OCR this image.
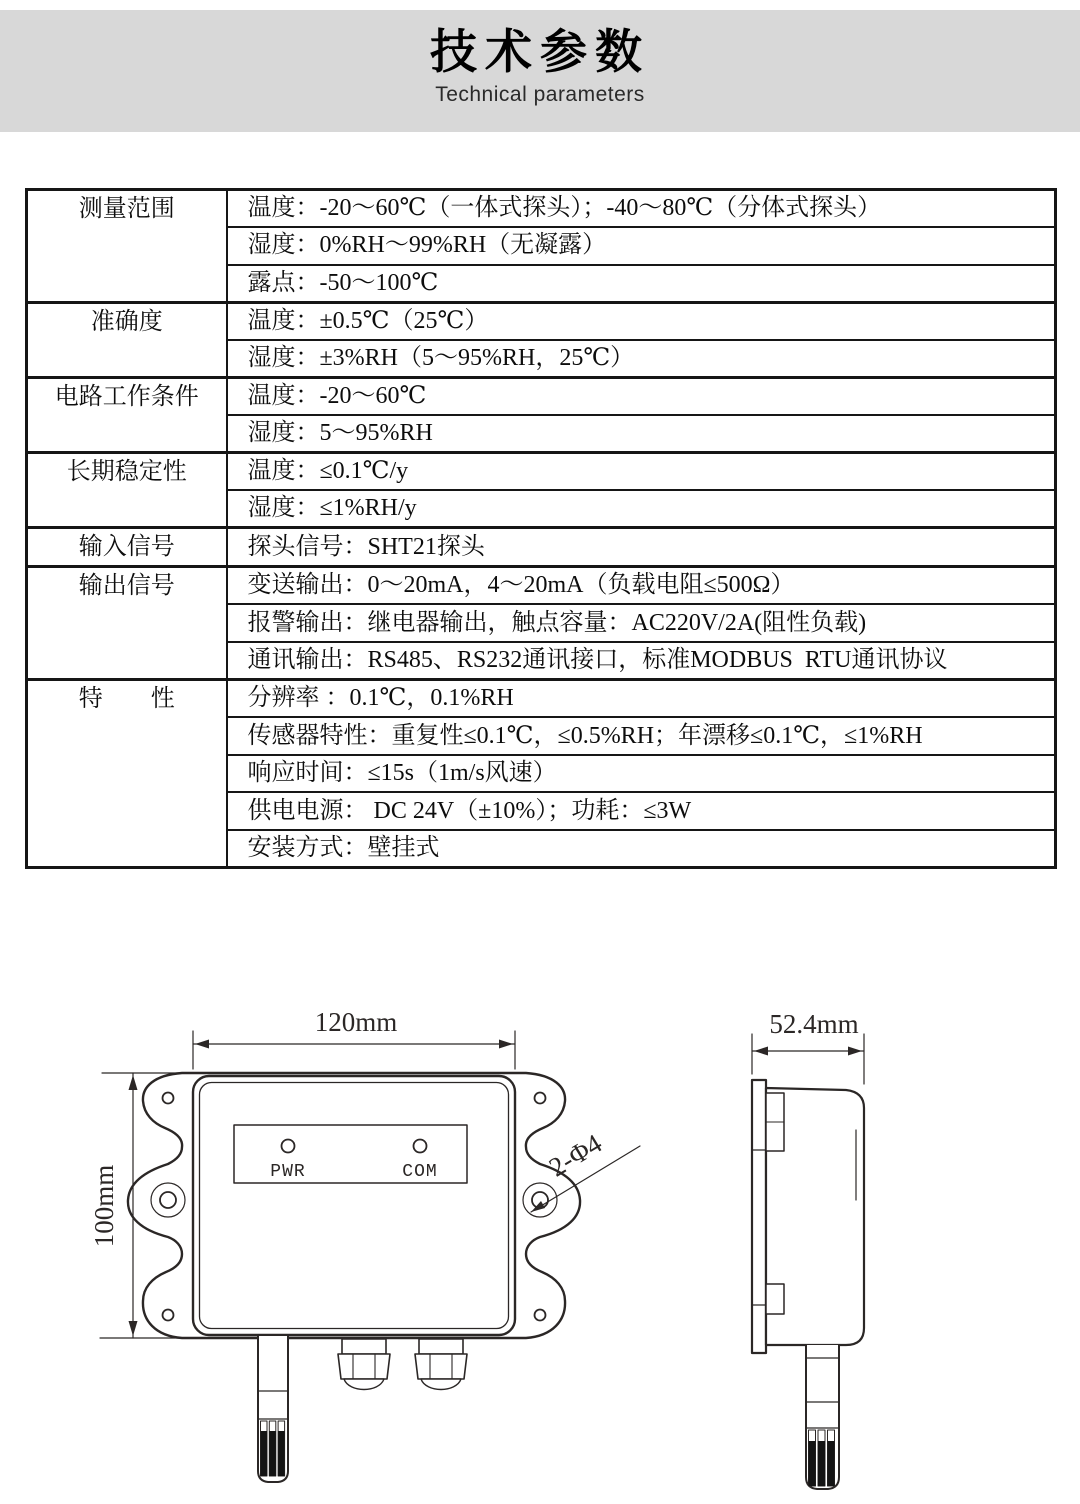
技术参数
Technical parameters
测量范围	温度：-20～60℃（一体式探头）；-40～80℃（分体式探头）
	湿度：0%RH～99%RH（无凝露）
	露点：-50～100℃
准确度	温度：±0.5℃（25℃）
	湿度：±3%RH（5～95%RH，25℃）
电路工作条件	温度：-20～60℃
	湿度：5～95%RH
长期稳定性	温度：≤0.1℃/y
	湿度：≤1%RH/y
输入信号	探头信号：SHT21探头
输出信号	变送输出：0～20mA，4～20mA（负载电阻≤500Ω）
	报警输出：继电器输出，触点容量：AC220V/2A(阻性负载)
	通讯输出：RS485、RS232通讯接口，标准MODBUS  RTU通讯协议
特　　性	分辨率 ：0.1℃，0.1%RH
	传感器特性：重复性≤0.1℃，≤0.5%RH；年漂移≤0.1℃，≤1%RH
	响应时间：≤15s（1m/s风速）
	供电电源： DC 24V（±10%）；功耗：≤3W
	安装方式：壁挂式
PWR	COM
120mm
100mm
2-Φ4
52.4mm
